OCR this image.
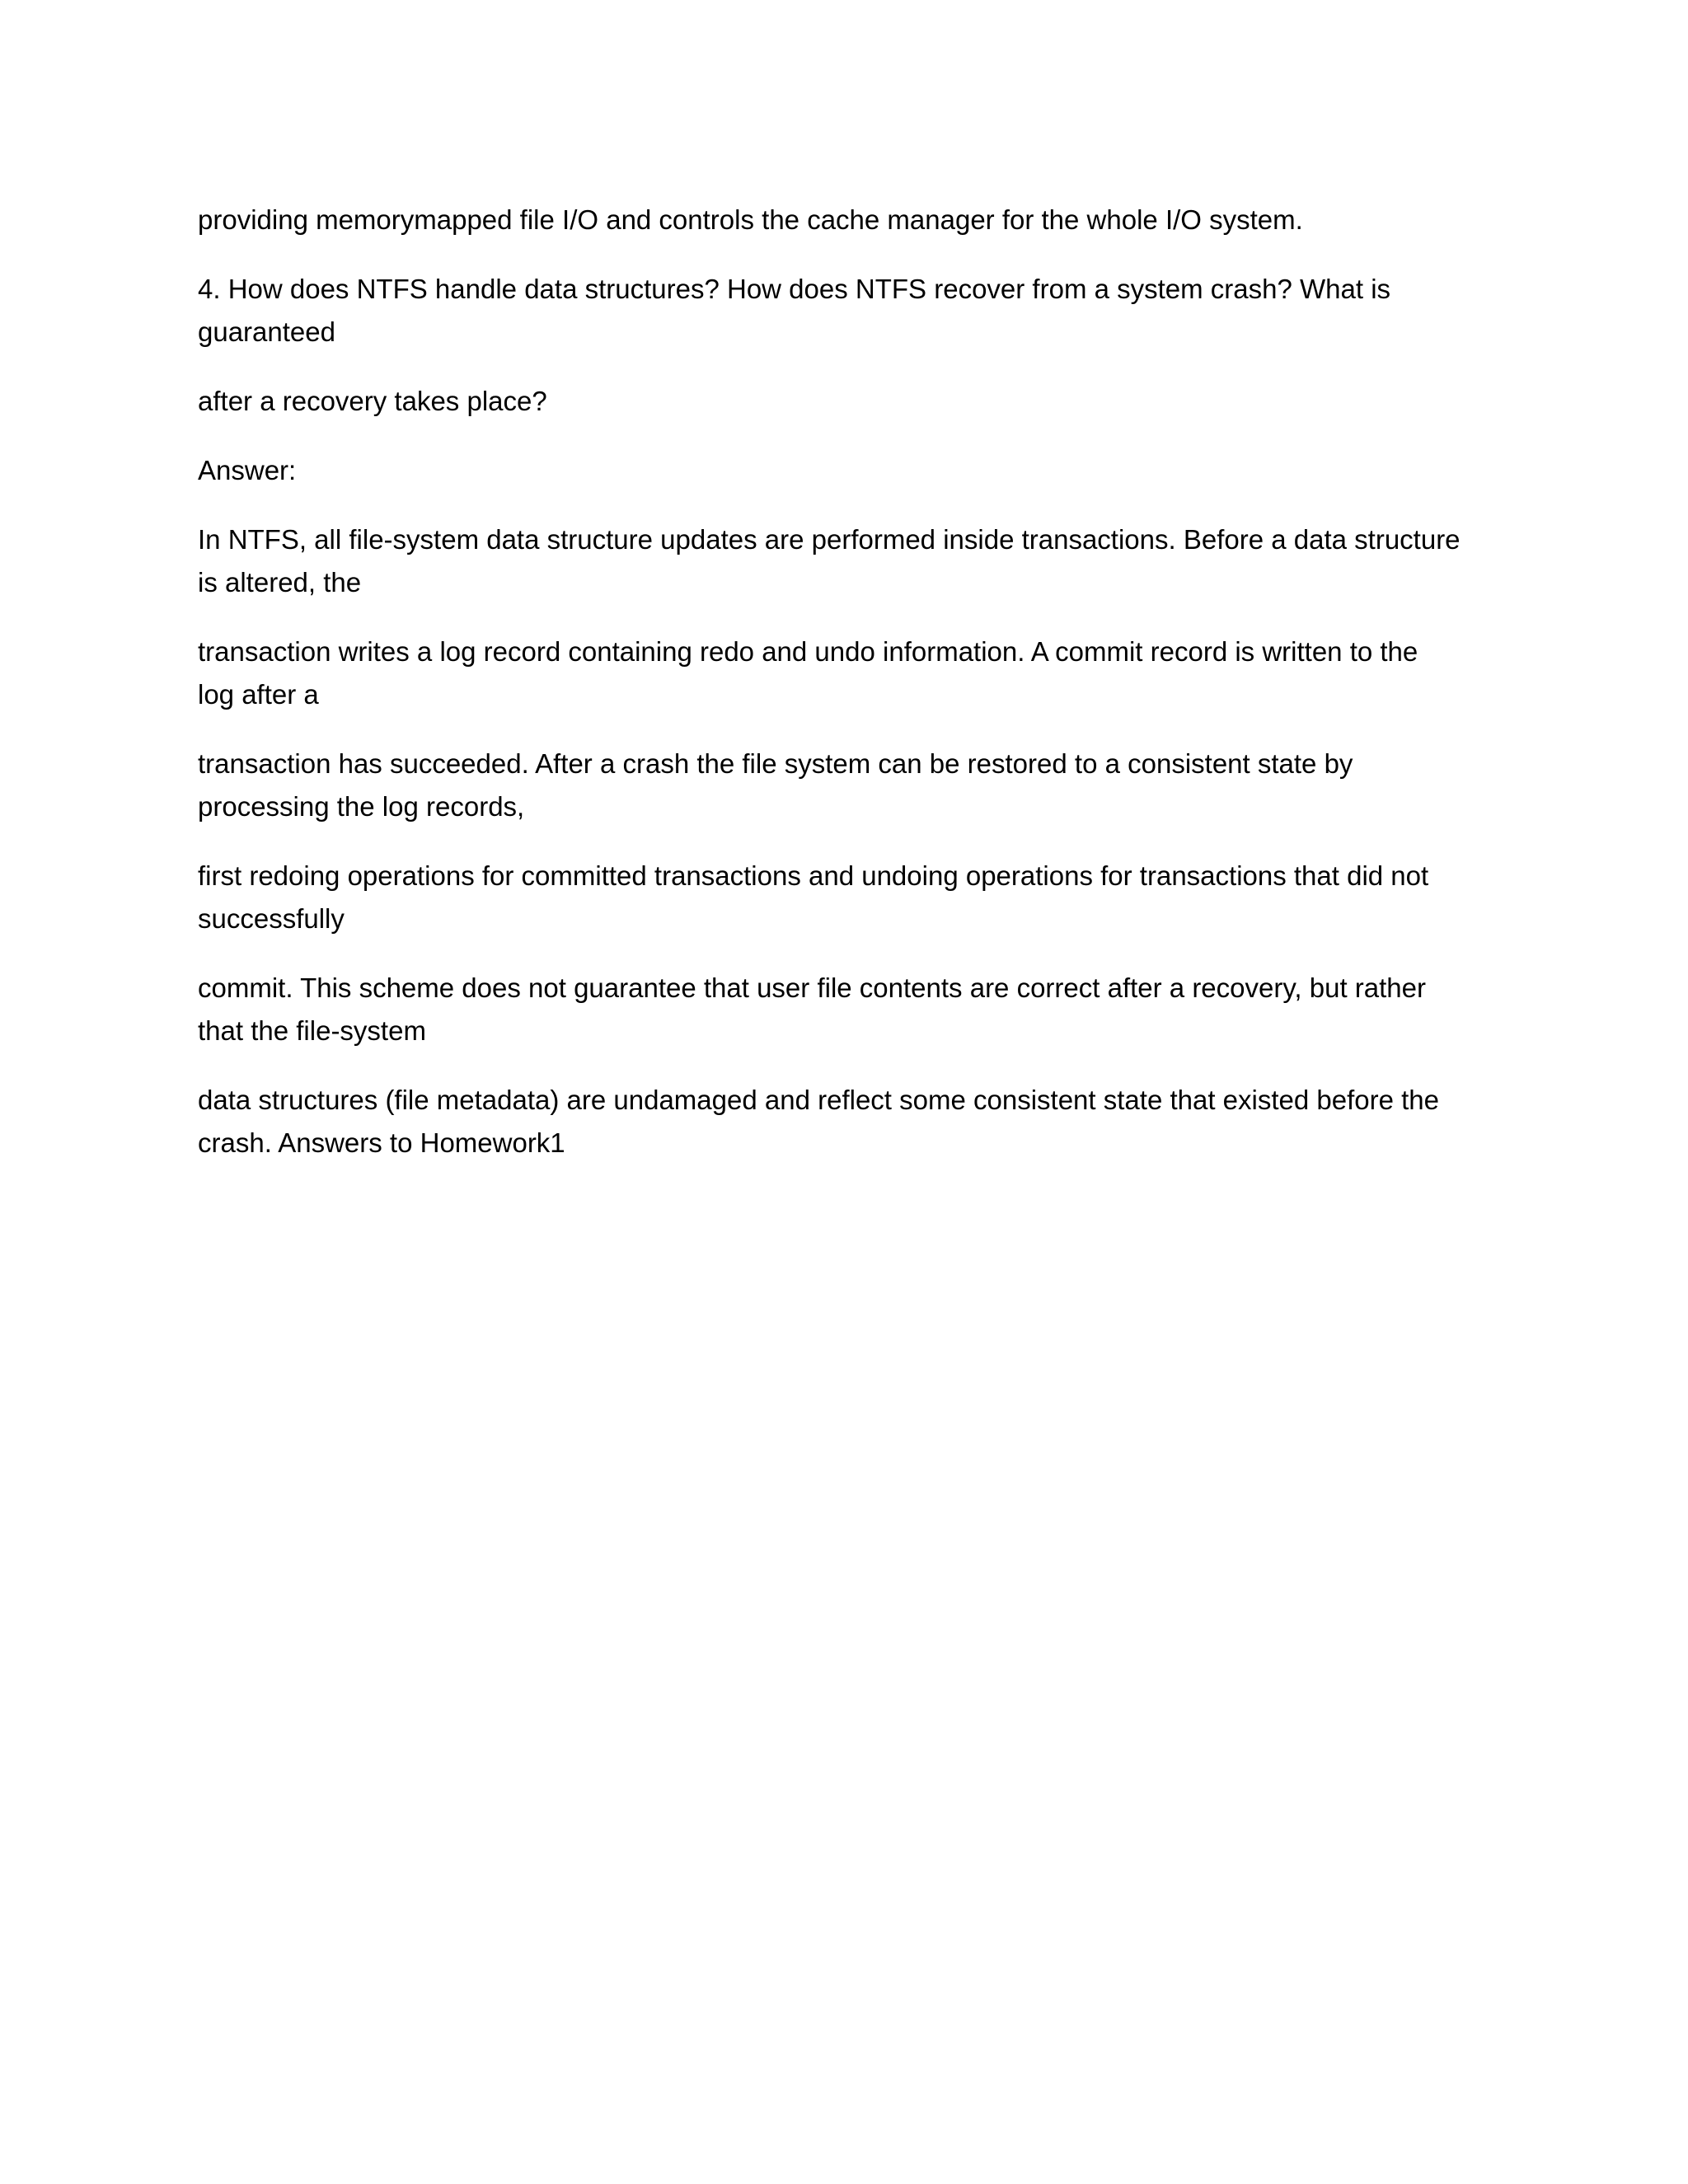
providing memorymapped file I/O and controls the cache manager for the whole I/O system.

4. How does NTFS handle data structures? How does NTFS recover from a system crash? What is
guaranteed

after a recovery takes place?

Answer:

In NTFS, all file-system data structure updates are performed inside transactions. Before a data structure
is altered, the

transaction writes a log record containing redo and undo information. A commit record is written to the
log after a

transaction has succeeded. After a crash the file system can be restored to a consistent state by
processing the log records,

first redoing operations for committed transactions and undoing operations for transactions that did not
successfully

commit. This scheme does not guarantee that user file contents are correct after a recovery, but rather
that the file-system

data structures (file metadata) are undamaged and reflect some consistent state that existed before the
crash. Answers to Homework1
